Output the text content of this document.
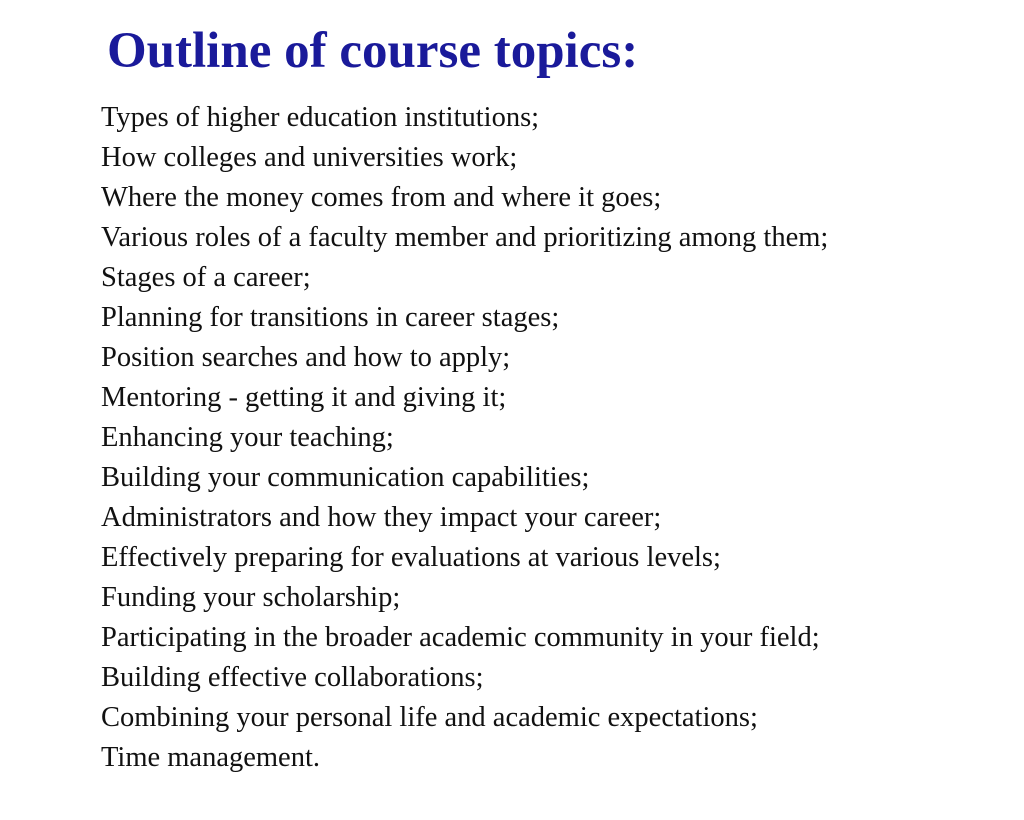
Outline of course topics:
Types of higher education institutions;
How colleges and universities work;
Where the money comes from and where it goes;
Various roles of a faculty member and prioritizing among them;
Stages of a career;
Planning for transitions in career stages;
Position searches and how to apply;
Mentoring - getting it and giving it;
Enhancing your teaching;
Building your communication capabilities;
Administrators and how they impact your career;
Effectively preparing for evaluations at various levels;
Funding your scholarship;
Participating in the broader academic community in your field;
Building effective collaborations;
Combining your personal life and academic expectations;
Time management.
